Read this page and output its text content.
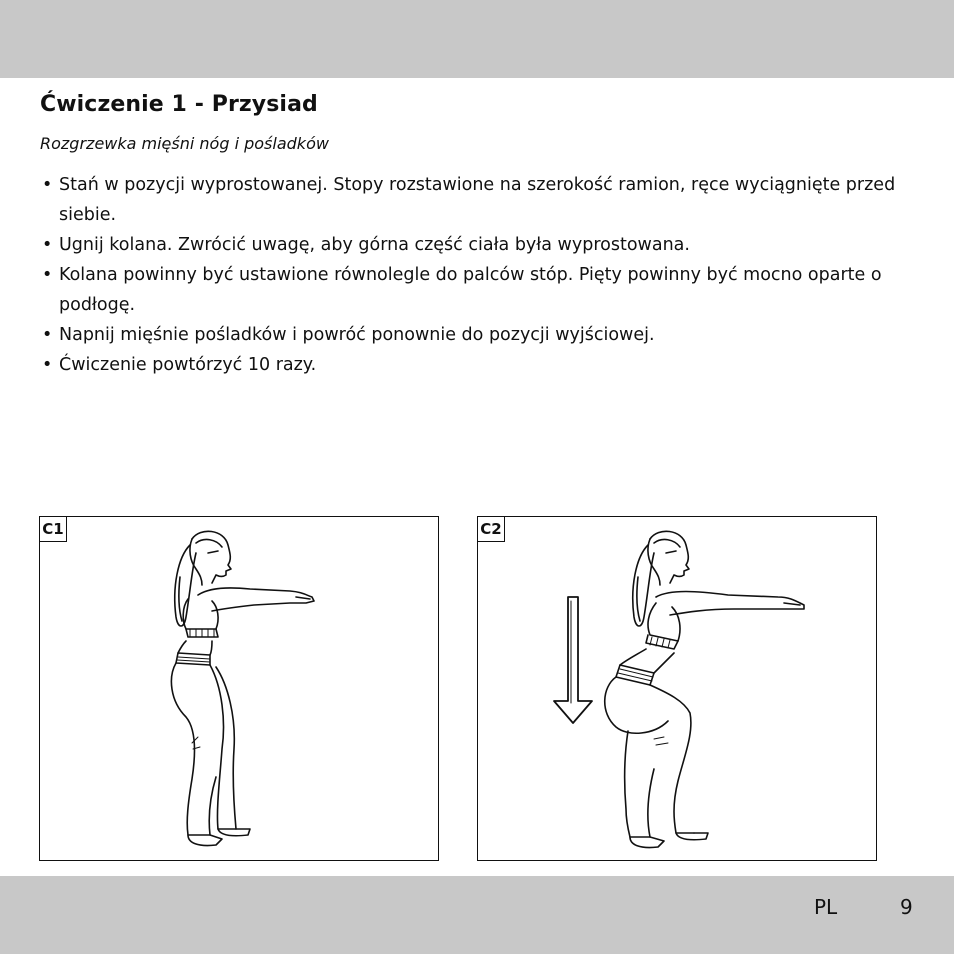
Ćwiczenie 1 - Przysiad

Rozgrzewka mięśni nóg i pośladków

• Stań w pozycji wyprostowanej. Stopy rozstawione na szerokość ramion, ręce wyciągnięte przed siebie.
• Ugnij kolana. Zwrócić uwagę, aby górna część ciała była wyprostowana.
• Kolana powinny być ustawione równolegle do palców stóp. Pięty powinny być mocno oparte o podłogę.
• Napnij mięśnie pośladków i powróć ponownie do pozycji wyjściowej.
• Ćwiczenie powtórzyć 10 razy.
C1	C2
PL	9
